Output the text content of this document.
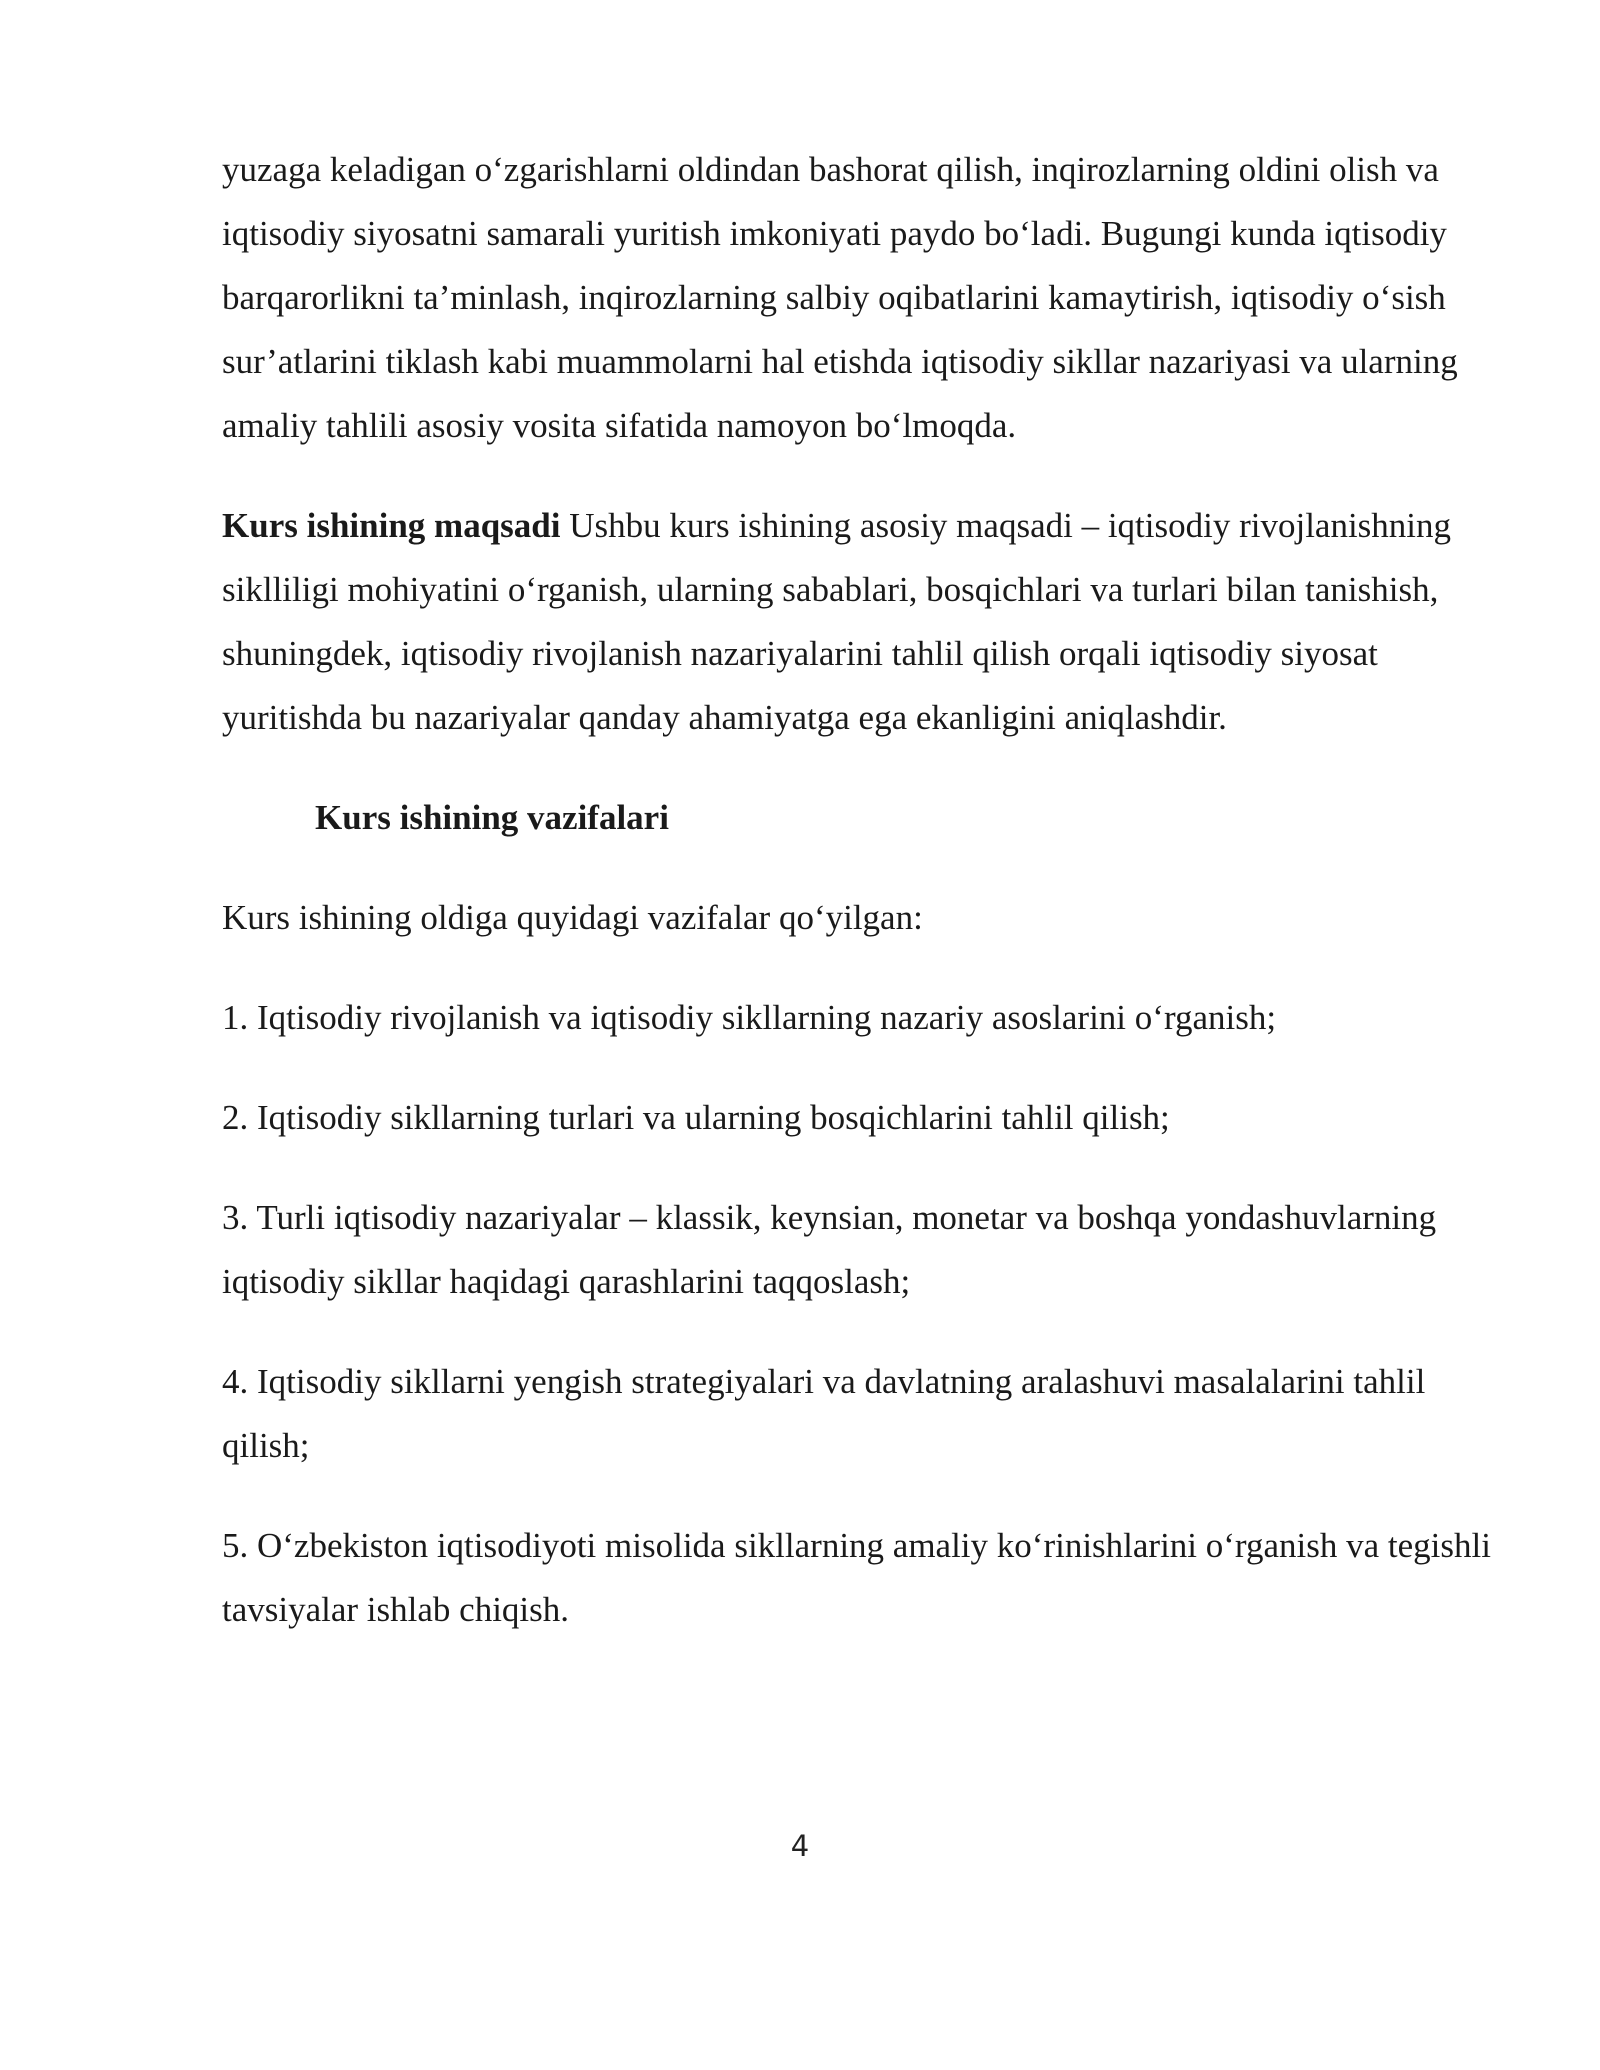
yuzaga keladigan o‘zgarishlarni oldindan bashorat qilish, inqirozlarning oldini olish va iqtisodiy siyosatni samarali yuritish imkoniyati paydo bo‘ladi. Bugungi kunda iqtisodiy barqarorlikni ta’minlash, inqirozlarning salbiy oqibatlarini kamaytirish, iqtisodiy o‘sish sur’atlarini tiklash kabi muammolarni hal etishda iqtisodiy sikllar nazariyasi va ularning amaliy tahlili asosiy vosita sifatida namoyon bo‘lmoqda.

Kurs ishining maqsadi Ushbu kurs ishining asosiy maqsadi – iqtisodiy rivojlanishning siklliligi mohiyatini o‘rganish, ularning sabablari, bosqichlari va turlari bilan tanishish, shuningdek, iqtisodiy rivojlanish nazariyalarini tahlil qilish orqali iqtisodiy siyosat yuritishda bu nazariyalar qanday ahamiyatga ega ekanligini aniqlashdir.

Kurs ishining vazifalari

Kurs ishining oldiga quyidagi vazifalar qo‘yilgan:

1. Iqtisodiy rivojlanish va iqtisodiy sikllarning nazariy asoslarini o‘rganish;

2. Iqtisodiy sikllarning turlari va ularning bosqichlarini tahlil qilish;

3. Turli iqtisodiy nazariyalar – klassik, keynsian, monetar va boshqa yondashuvlarning iqtisodiy sikllar haqidagi qarashlarini taqqoslash;

4. Iqtisodiy sikllarni yengish strategiyalari va davlatning aralashuvi masalalarini tahlil qilish;

5. O‘zbekiston iqtisodiyoti misolida sikllarning amaliy ko‘rinishlarini o‘rganish va tegishli tavsiyalar ishlab chiqish.

4
